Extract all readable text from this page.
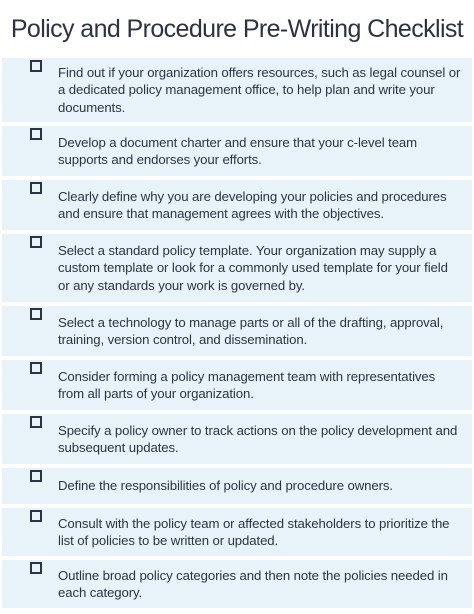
Policy and Procedure Pre-Writing Checklist
Find out if your organization offers resources, such as legal counsel or a dedicated policy management office, to help plan and write your documents.
Develop a document charter and ensure that your c-level team supports and endorses your efforts.
Clearly define why you are developing your policies and procedures and ensure that management agrees with the objectives.
Select a standard policy template. Your organization may supply a custom template or look for a commonly used template for your field or any standards your work is governed by.
Select a technology to manage parts or all of the drafting, approval, training, version control, and dissemination.
Consider forming a policy management team with representatives from all parts of your organization.
Specify a policy owner to track actions on the policy development and subsequent updates.
Define the responsibilities of policy and procedure owners.
Consult with the policy team or affected stakeholders to prioritize the list of policies to be written or updated.
Outline broad policy categories and then note the policies needed in each category.
